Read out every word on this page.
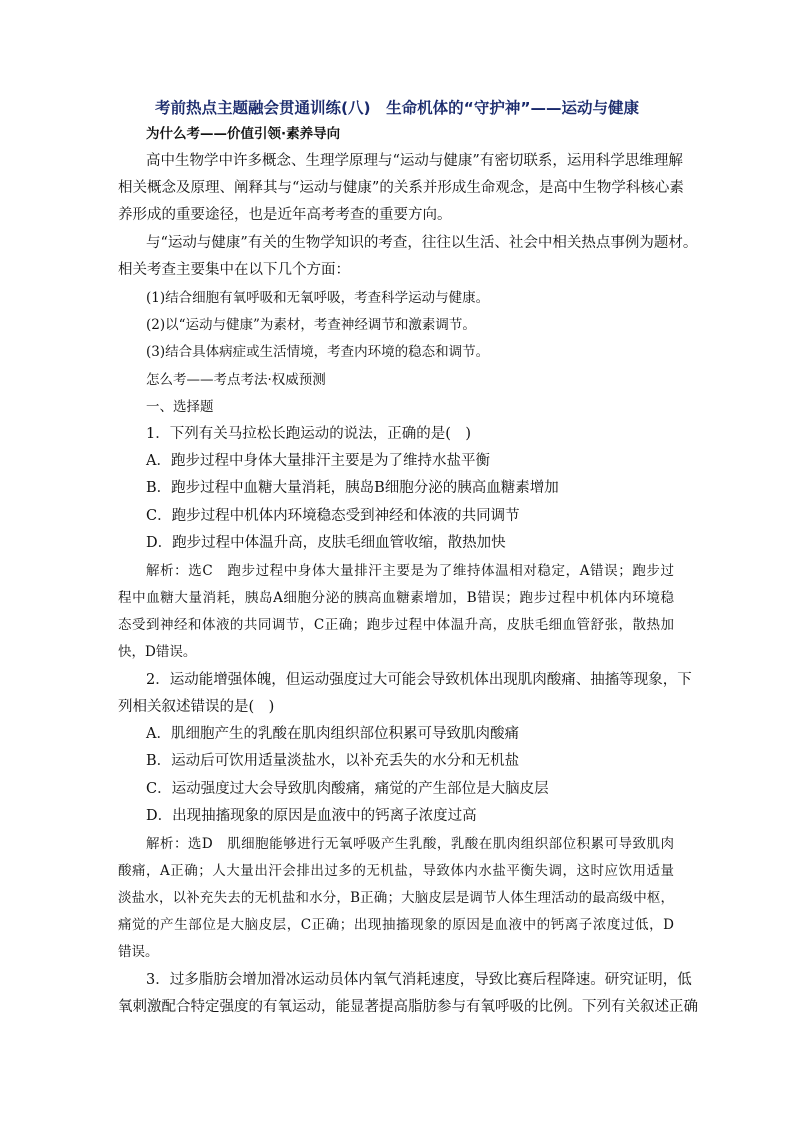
考前热点主题融会贯通训练(八)　生命机体的“守护神”——运动与健康
为什么考——价值引领·素养导向
高中生物学中许多概念、生理学原理与“运动与健康”有密切联系，运用科学思维理解
相关概念及原理、阐释其与“运动与健康”的关系并形成生命观念，是高中生物学科核心素
养形成的重要途径，也是近年高考考查的重要方向。
与“运动与健康”有关的生物学知识的考查，往往以生活、社会中相关热点事例为题材。
相关考查主要集中在以下几个方面：
(1)结合细胞有氧呼吸和无氧呼吸，考查科学运动与健康。
(2)以“运动与健康”为素材，考查神经调节和激素调节。
(3)结合具体病症或生活情境，考查内环境的稳态和调节。
怎么考——考点考法·权威预测
一、选择题
1．下列有关马拉松长跑运动的说法，正确的是(　)
A．跑步过程中身体大量排汗主要是为了维持水盐平衡
B．跑步过程中血糖大量消耗，胰岛B细胞分泌的胰高血糖素增加
C．跑步过程中机体内环境稳态受到神经和体液的共同调节
D．跑步过程中体温升高，皮肤毛细血管收缩，散热加快
解析：选C　跑步过程中身体大量排汗主要是为了维持体温相对稳定，A错误；跑步过
程中血糖大量消耗，胰岛A细胞分泌的胰高血糖素增加，B错误；跑步过程中机体内环境稳
态受到神经和体液的共同调节，C正确；跑步过程中体温升高，皮肤毛细血管舒张，散热加
快，D错误。
2．运动能增强体魄，但运动强度过大可能会导致机体出现肌肉酸痛、抽搐等现象，下
列相关叙述错误的是(　)
A．肌细胞产生的乳酸在肌肉组织部位积累可导致肌肉酸痛
B．运动后可饮用适量淡盐水，以补充丢失的水分和无机盐
C．运动强度过大会导致肌肉酸痛，痛觉的产生部位是大脑皮层
D．出现抽搐现象的原因是血液中的钙离子浓度过高
解析：选D　肌细胞能够进行无氧呼吸产生乳酸，乳酸在肌肉组织部位积累可导致肌肉
酸痛，A正确；人大量出汗会排出过多的无机盐，导致体内水盐平衡失调，这时应饮用适量
淡盐水，以补充失去的无机盐和水分，B正确；大脑皮层是调节人体生理活动的最高级中枢，
痛觉的产生部位是大脑皮层，C正确；出现抽搐现象的原因是血液中的钙离子浓度过低，D
错误。
3．过多脂肪会增加滑冰运动员体内氧气消耗速度，导致比赛后程降速。研究证明，低
氧刺激配合特定强度的有氧运动，能显著提高脂肪参与有氧呼吸的比例。下列有关叙述正确
